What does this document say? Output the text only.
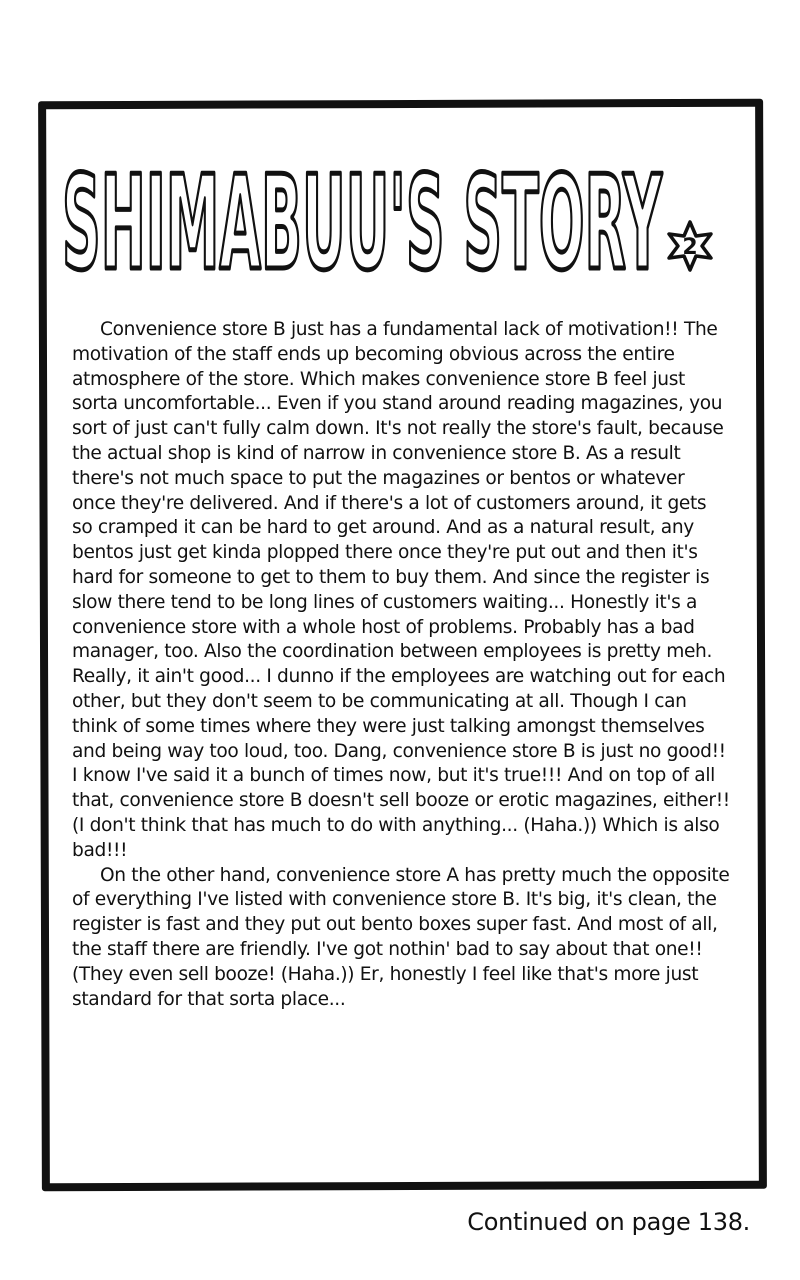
SHIMABUU'S STORY 2

Convenience store B just has a fundamental lack of motivation!! The motivation of the staff ends up becoming obvious across the entire atmosphere of the store. Which makes convenience store B feel just sorta uncomfortable... Even if you stand around reading magazines, you sort of just can't fully calm down. It's not really the store's fault, because the actual shop is kind of narrow in convenience store B. As a result there's not much space to put the magazines or bentos or whatever once they're delivered. And if there's a lot of customers around, it gets so cramped it can be hard to get around. And as a natural result, any bentos just get kinda plopped there once they're put out and then it's hard for someone to get to them to buy them. And since the register is slow there tend to be long lines of customers waiting... Honestly it's a convenience store with a whole host of problems. Probably has a bad manager, too. Also the coordination between employees is pretty meh. Really, it ain't good... I dunno if the employees are watching out for each other, but they don't seem to be communicating at all. Though I can think of some times where they were just talking amongst themselves and being way too loud, too. Dang, convenience store B is just no good!! I know I've said it a bunch of times now, but it's true!!! And on top of all that, convenience store B doesn't sell booze or erotic magazines, either!! (I don't think that has much to do with anything... (Haha.)) Which is also bad!!!

On the other hand, convenience store A has pretty much the opposite of everything I've listed with convenience store B. It's big, it's clean, the register is fast and they put out bento boxes super fast. And most of all, the staff there are friendly. I've got nothin' bad to say about that one!! (They even sell booze! (Haha.)) Er, honestly I feel like that's more just standard for that sorta place...

Continued on page 138.
